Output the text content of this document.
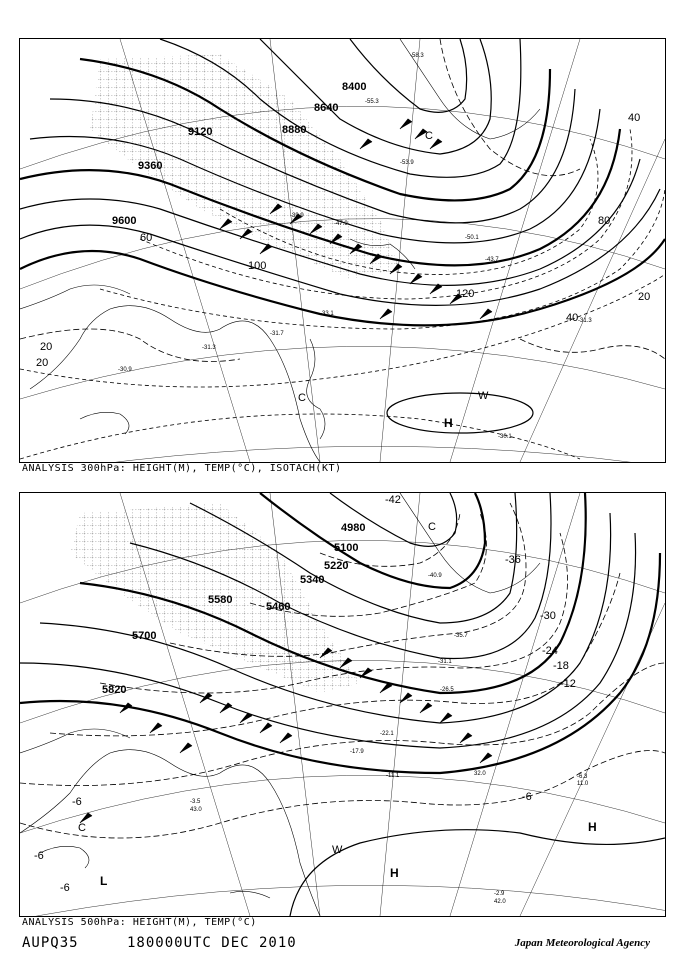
9600
9360
9120	8880
8640
8400
20
20
20
40
40
60
80
100
120
-30.9
-31.3
-31.7
-33.1
-39.9
-47.9
-53.9
-55.3
-58.3
-50.1
-43.7
-31.3
-30.1
H
C
C
W
ANALYSIS 300hPa: HEIGHT(M), TEMP(°C), ISOTACH(KT)
5820
5700
5580
5460
5340
5220
5100
4980
-42
-36
-30
-24
-18
-12
-6
-6
-6
-6
-40.9
-35.7
-31.1
-26.5
-22.1
-17.9
-11.1	-6.3
-3.5
-2.9
42.0
11.0
32.0
43.0
H
H
L
C
C
W
ANALYSIS 500hPa: HEIGHT(M), TEMP(°C)
AUPQ35	180000UTC DEC 2010	Japan Meteorological Agency
